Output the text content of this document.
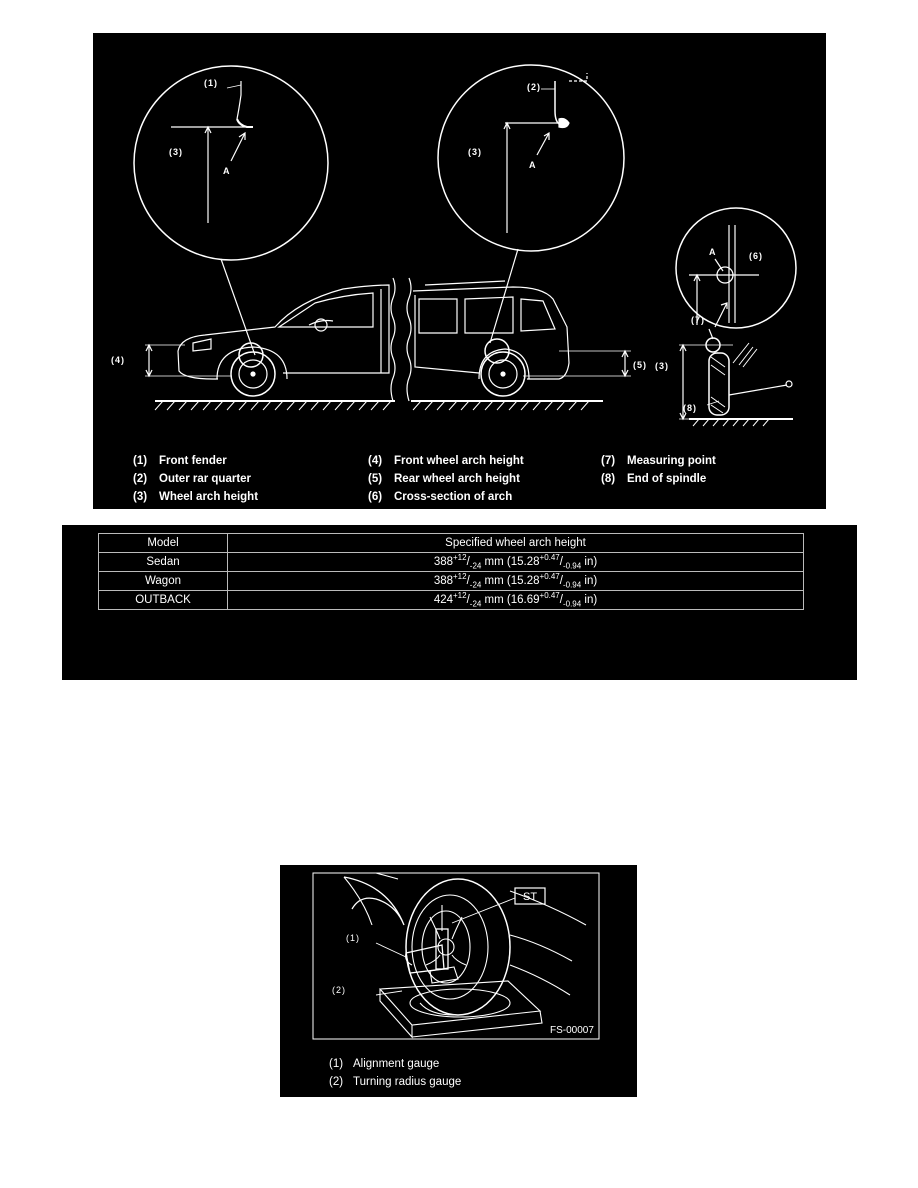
(1)
(3)
A
(2)
(3)
A
(4)	(5)
(6)
A
(7)
(3)
(8)
(1) Front fender
(2) Outer rar quarter
(3) Wheel arch height
(4) Front wheel arch height
(5) Rear wheel arch height
(6) Cross-section of arch
(7) Measuring point
(8) End of spindle
Model	Specified wheel arch height
Sedan	$388^{+12}/_{-24}$ mm ($15.28^{+0.47}/_{-0.94}$ in)
Wagon	$388^{+12}/_{-24}$ mm ($15.28^{+0.47}/_{-0.94}$ in)
OUTBACK	$424^{+12}/_{-24}$ mm ($16.69^{+0.47}/_{-0.94}$ in)
ST
(1)
(2)
FS-00007
(1) Alignment gauge
(2) Turning radius gauge
